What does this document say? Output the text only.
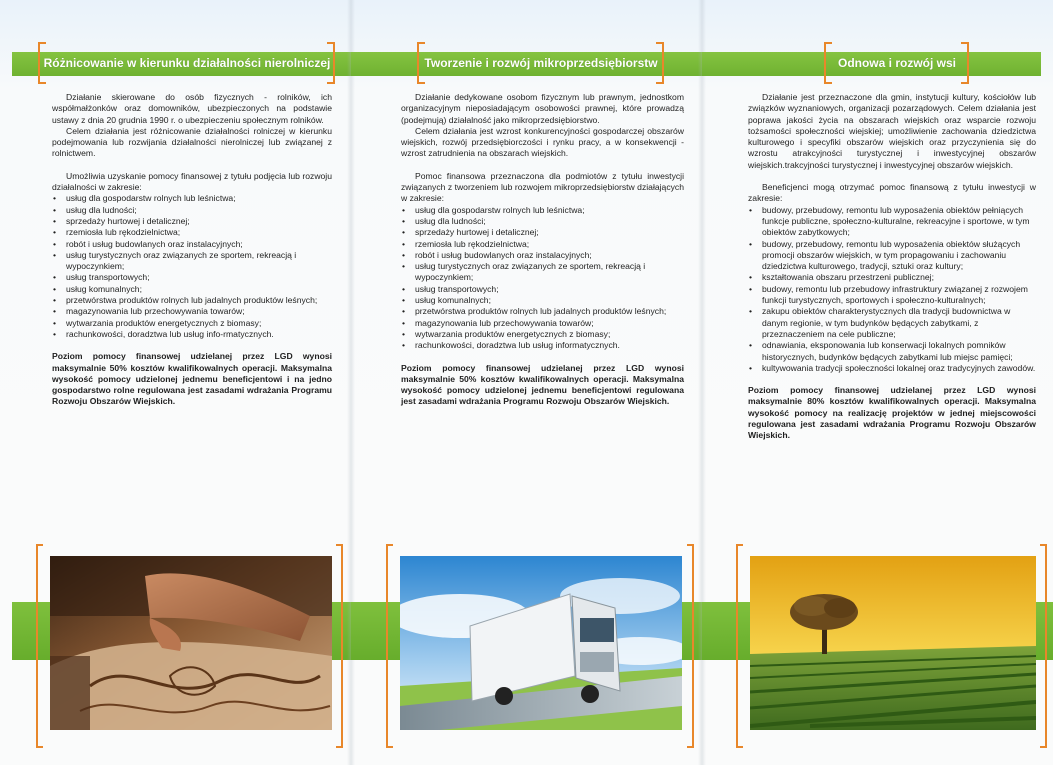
Różnicowanie w kierunku działalności nierolniczej

Działanie skierowane do osób fizycznych - rolników, ich współmałżonków oraz domowników, ubezpieczonych na podstawie ustawy z dnia 20 grudnia 1990 r. o ubezpieczeniu społecznym rolników.

Celem działania jest różnicowanie działalności rolniczej w kierunku podejmowania lub rozwijania działalności nierolniczej lub związanej z rolnictwem.

Umożliwia uzyskanie pomocy finansowej z tytułu podjęcia lub rozwoju działalności w zakresie:

• usług dla gospodarstw rolnych lub leśnictwa;
• usług dla ludności;
• sprzedaży hurtowej i detalicznej;
• rzemiosła lub rękodzielnictwa;
• robót i usług budowlanych oraz instalacyjnych;
• usług turystycznych oraz związanych ze sportem, rekreacją i wypoczynkiem;
• usług transportowych;
• usług komunalnych;
• przetwórstwa produktów rolnych lub jadalnych produktów leśnych;
• magazynowania lub przechowywania towarów;
• wytwarzania produktów energetycznych z biomasy;
• rachunkowości, doradztwa lub usług info-rmatycznych.

Poziom pomocy finansowej udzielanej przez LGD wynosi maksymalnie 50% kosztów kwalifikowalnych operacji. Maksymalna wysokość pomocy udzielonej jednemu beneficjentowi i na jedno gospodarstwo rolne regulowana jest zasadami wdrażania Programu Rozwoju Obszarów Wiejskich.

Tworzenie i rozwój mikroprzedsiębiorstw

Działanie dedykowane osobom fizycznym lub prawnym, jednostkom organizacyjnym nieposiadającym osobowości prawnej, które prowadzą (podejmują) działalność jako mikroprzedsiębiorstwo.

Celem działania jest wzrost konkurencyjności gospodarczej obszarów wiejskich, rozwój przedsiębiorczości i rynku pracy, a w konsekwencji - wzrost zatrudnienia na obszarach wiejskich.

Pomoc finansowa przeznaczona dla podmiotów z tytułu inwestycji związanych z tworzeniem lub rozwojem mikroprzedsiębiorstw działających w zakresie:

• usług dla gospodarstw rolnych lub leśnictwa;
• usług dla ludności;
• sprzedaży hurtowej i detalicznej;
• rzemiosła lub rękodzielnictwa;
• robót i usług budowlanych oraz instalacyjnych;
• usług turystycznych oraz związanych ze sportem, rekreacją i wypoczynkiem;
• usług transportowych;
• usług komunalnych;
• przetwórstwa produktów rolnych lub jadalnych produktów leśnych;
• magazynowania lub przechowywania towarów;
• wytwarzania produktów energetycznych z biomasy;
• rachunkowości, doradztwa lub usług informatycznych.

Poziom pomocy finansowej udzielanej przez LGD wynosi maksymalnie 50% kosztów kwalifikowalnych operacji. Maksymalna wysokość pomocy udzielonej jednemu beneficjentowi regulowana jest zasadami wdrażania Programu Rozwoju Obszarów Wiejskich.

Odnowa i rozwój wsi

Działanie jest przeznaczone dla gmin, instytucji kultury, kościołów lub związków wyznaniowych, organizacji pozarządowych. Celem działania jest poprawa jakości życia na obszarach wiejskich oraz wsparcie rozwoju tożsamości społeczności wiejskiej; umożliwienie zachowania dziedzictwa kulturowego i specyfiki obszarów wiejskich oraz przyczynienia się do wzrostu atrakcyjności turystycznej i inwestycyjnej obszarów wiejskich.trakcyjności turystycznej i inwestycyjnej obszarów wiejskich.

Beneficjenci mogą otrzymać pomoc finansową z tytułu inwestycji w zakresie:

• budowy, przebudowy, remontu lub wyposażenia obiektów pełniących funkcje publiczne, społeczno-kulturalne, rekreacyjne i sportowe, w tym obiektów zabytkowych;
• budowy, przebudowy, remontu lub wyposażenia obiektów służących promocji obszarów wiejskich, w tym propagowaniu i zachowaniu dziedzictwa kulturowego, tradycji, sztuki oraz kultury;
• kształtowania obszaru przestrzeni publicznej;
• budowy, remontu lub przebudowy infrastruktury związanej z rozwojem funkcji turystycznych, sportowych i społeczno-kulturalnych;
• zakupu obiektów charakterystycznych dla tradycji budownictwa w danym regionie, w tym budynków będących zabytkami, z przeznaczeniem na cele publiczne;
• odnawiania, eksponowania lub konserwacji lokalnych pomników historycznych, budynków będących zabytkami lub miejsc pamięci;
• kultywowania tradycji społeczności lokalnej oraz tradycyjnych zawodów.

Poziom pomocy finansowej udzielanej przez LGD wynosi maksymalnie 80% kosztów kwalifikowalnych operacji. Maksymalna wysokość pomocy na realizację projektów w jednej miejscowości regulowana jest zasadami wdrażania Programu Rozwoju Obszarów Wiejskich.
